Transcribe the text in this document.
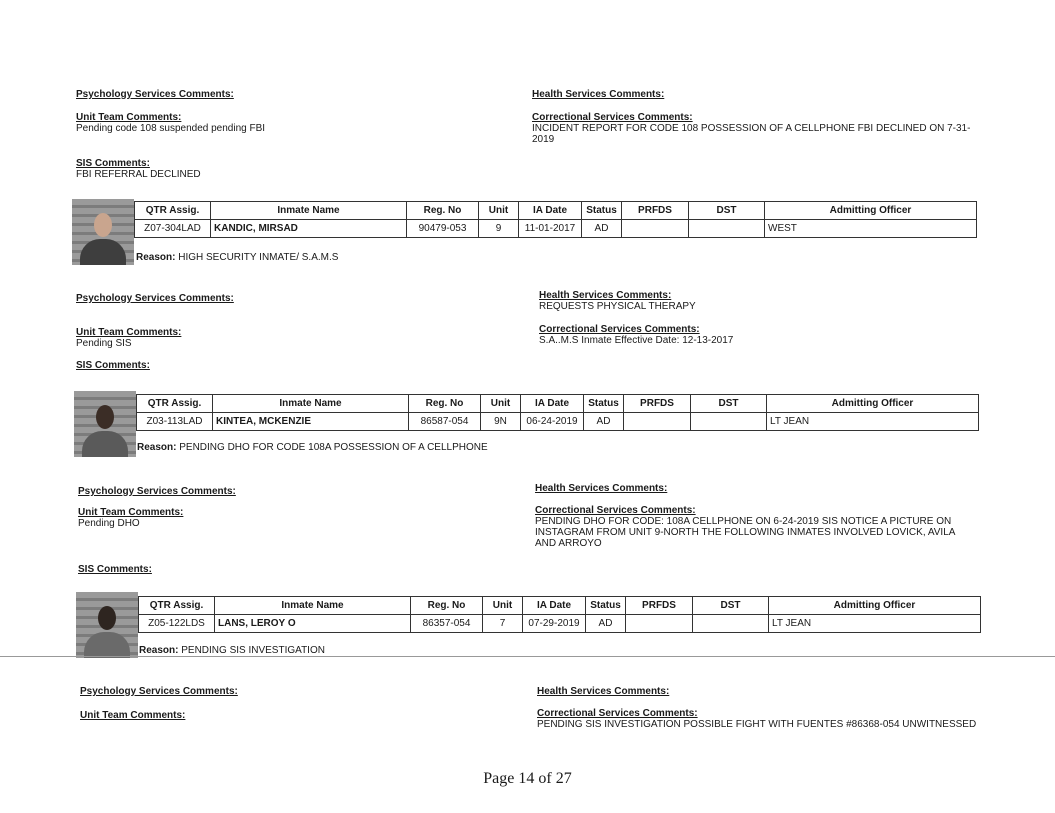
Psychology Services Comments:
Unit Team Comments:
Pending code 108 suspended pending FBI
SIS Comments:
FBI REFERRAL DECLINED
Health Services Comments:
Correctional Services Comments:
INCIDENT REPORT FOR CODE 108 POSSESSION OF A CELLPHONE FBI DECLINED ON 7-31-2019
QTR Assig.	Inmate Name	Reg. No	Unit	IA Date	Status	PRFDS	DST	Admitting Officer
Z07-304LAD	KANDIC, MIRSAD	90479-053	9	11-01-2017	AD			WEST
Reason: HIGH SECURITY INMATE/ S.A.M.S
Psychology Services Comments:
Unit Team Comments:
Pending SIS
SIS Comments:
Health Services Comments:
REQUESTS PHYSICAL THERAPY
Correctional Services Comments:
S.A..M.S Inmate Effective Date: 12-13-2017
QTR Assig.	Inmate Name	Reg. No	Unit	IA Date	Status	PRFDS	DST	Admitting Officer
Z03-113LAD	KINTEA, MCKENZIE	86587-054	9N	06-24-2019	AD			LT JEAN
Reason: PENDING DHO FOR CODE 108A POSSESSION OF A CELLPHONE
Psychology Services Comments:
Unit Team Comments:
Pending DHO
SIS Comments:
Health Services Comments:
Correctional Services Comments:
PENDING DHO FOR CODE: 108A CELLPHONE ON 6-24-2019 SIS NOTICE A PICTURE ON INSTAGRAM FROM UNIT 9-NORTH THE FOLLOWING INMATES INVOLVED LOVICK, AVILA AND ARROYO
QTR Assig.	Inmate Name	Reg. No	Unit	IA Date	Status	PRFDS	DST	Admitting Officer
Z05-122LDS	LANS, LEROY O	86357-054	7	07-29-2019	AD			LT JEAN
Reason: PENDING SIS INVESTIGATION
Psychology Services Comments:
Unit Team Comments:
Health Services Comments:
Correctional Services Comments:
PENDING SIS INVESTIGATION POSSIBLE FIGHT WITH FUENTES #86368-054 UNWITNESSED
Page 14 of 27
